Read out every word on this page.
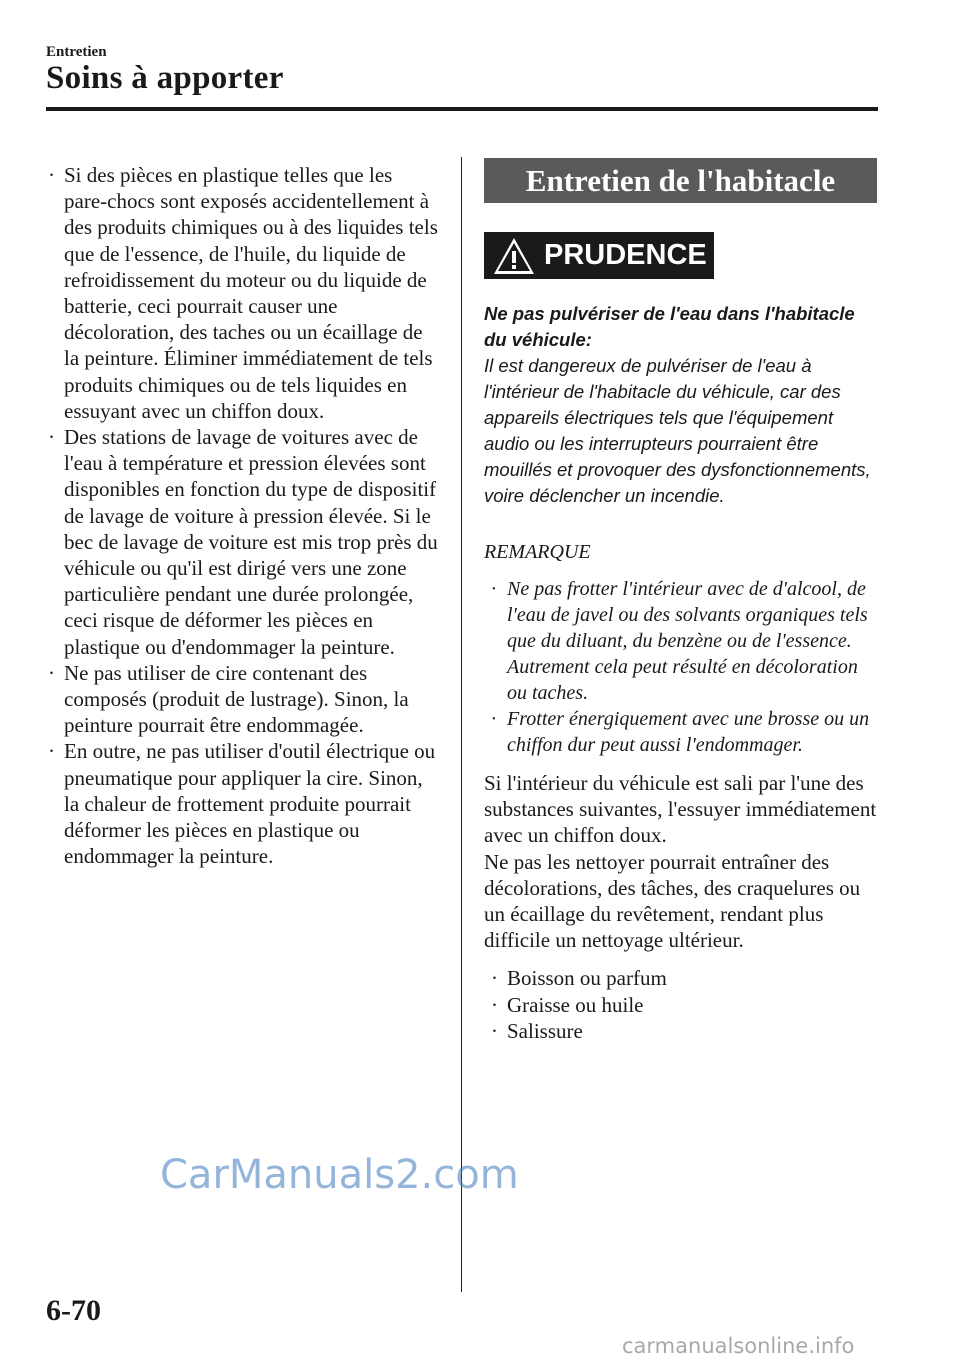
Entretien
Soins à apporter
· Si des pièces en plastique telles que les pare-chocs sont exposés accidentellement à des produits chimiques ou à des liquides tels que de l'essence, de l'huile, du liquide de refroidissement du moteur ou du liquide de batterie, ceci pourrait causer une décoloration, des taches ou un écaillage de la peinture. Éliminer immédiatement de tels produits chimiques ou de tels liquides en essuyant avec un chiffon doux.
· Des stations de lavage de voitures avec de l'eau à température et pression élevées sont disponibles en fonction du type de dispositif de lavage de voiture à pression élevée. Si le bec de lavage de voiture est mis trop près du véhicule ou qu'il est dirigé vers une zone particulière pendant une durée prolongée, ceci risque de déformer les pièces en plastique ou d'endommager la peinture.
· Ne pas utiliser de cire contenant des composés (produit de lustrage). Sinon, la peinture pourrait être endommagée.
· En outre, ne pas utiliser d'outil électrique ou pneumatique pour appliquer la cire. Sinon, la chaleur de frottement produite pourrait déformer les pièces en plastique ou endommager la peinture.
Entretien de l'habitacle
PRUDENCE
Ne pas pulvériser de l'eau dans l'habitacle du véhicule:
Il est dangereux de pulvériser de l'eau à l'intérieur de l'habitacle du véhicule, car des appareils électriques tels que l'équipement audio ou les interrupteurs pourraient être mouillés et provoquer des dysfonctionnements, voire déclencher un incendie.
REMARQUE
· Ne pas frotter l'intérieur avec de d'alcool, de l'eau de javel ou des solvants organiques tels que du diluant, du benzène ou de l'essence. Autrement cela peut résulté en décoloration ou taches.
· Frotter énergiquement avec une brosse ou un chiffon dur peut aussi l'endommager.
Si l'intérieur du véhicule est sali par l'une des substances suivantes, l'essuyer immédiatement avec un chiffon doux.
Ne pas les nettoyer pourrait entraîner des décolorations, des tâches, des craquelures ou un écaillage du revêtement, rendant plus difficile un nettoyage ultérieur.
· Boisson ou parfum
· Graisse ou huile
· Salissure
CarManuals2.com
6-70
carmanualsonline.info
